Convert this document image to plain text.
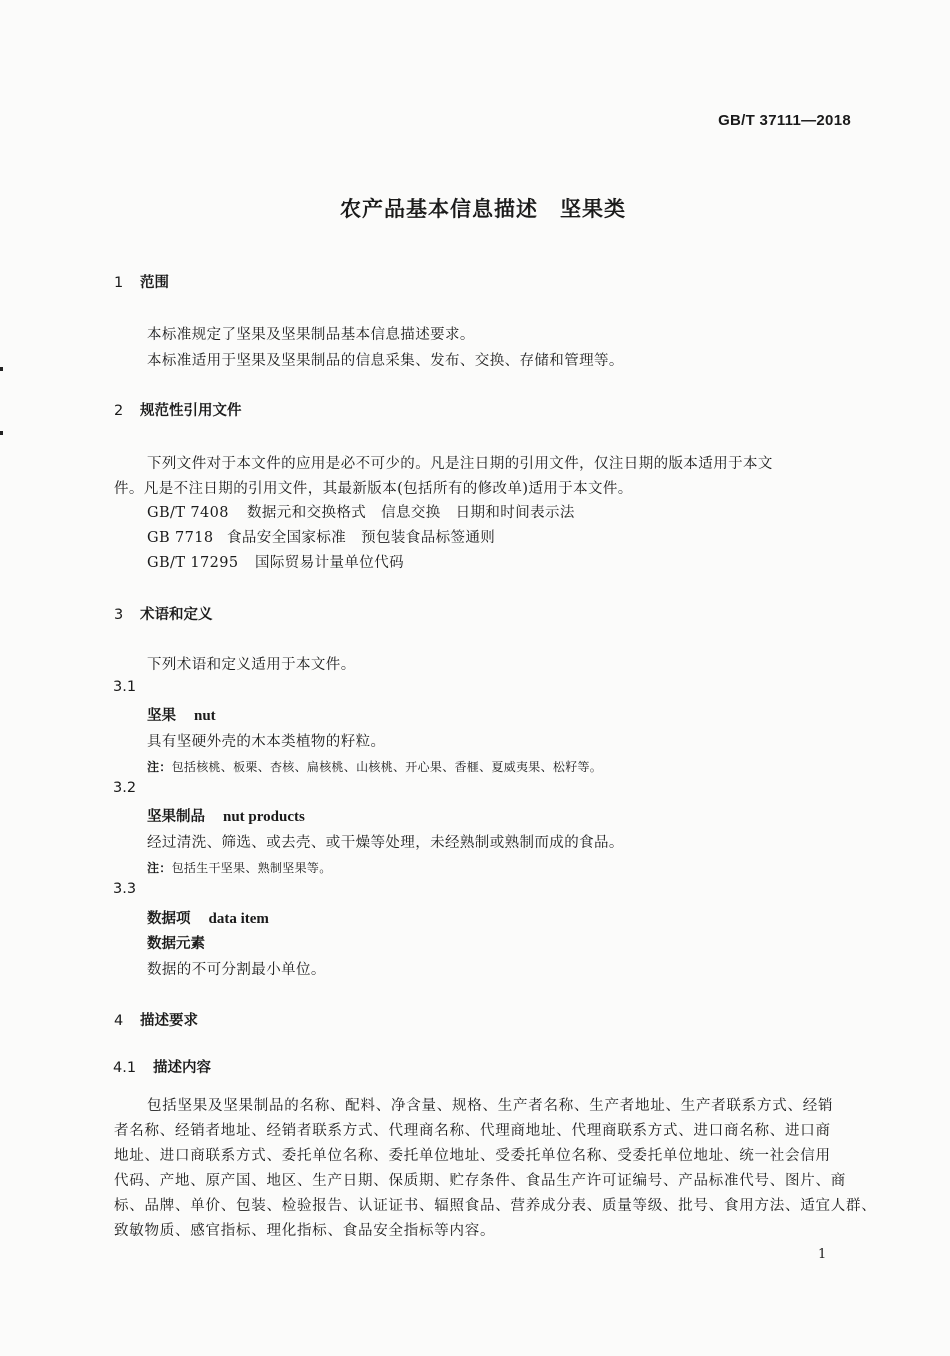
GB/T 37111—2018
农产品基本信息描述　坚果类
1 范围
本标准规定了坚果及坚果制品基本信息描述要求。
本标准适用于坚果及坚果制品的信息采集、发布、交换、存储和管理等。
2 规范性引用文件
下列文件对于本文件的应用是必不可少的。凡是注日期的引用文件，仅注日期的版本适用于本文
件。凡是不注日期的引用文件，其最新版本(包括所有的修改单)适用于本文件。
GB/T 7408 数据元和交换格式　信息交换　日期和时间表示法
GB 7718 食品安全国家标准　预包装食品标签通则
GB/T 17295 国际贸易计量单位代码
3 术语和定义
下列术语和定义适用于本文件。
3.1
坚果 nut
具有坚硬外壳的木本类植物的籽粒。
注：包括核桃、板栗、杏核、扁核桃、山核桃、开心果、香榧、夏威夷果、松籽等。
3.2
坚果制品 nut products
经过清洗、筛选、或去壳、或干燥等处理，未经熟制或熟制而成的食品。
注：包括生干坚果、熟制坚果等。
3.3
数据项 data item
数据元素
数据的不可分割最小单位。
4 描述要求
4.1 描述内容
包括坚果及坚果制品的名称、配料、净含量、规格、生产者名称、生产者地址、生产者联系方式、经销
者名称、经销者地址、经销者联系方式、代理商名称、代理商地址、代理商联系方式、进口商名称、进口商
地址、进口商联系方式、委托单位名称、委托单位地址、受委托单位名称、受委托单位地址、统一社会信用
代码、产地、原产国、地区、生产日期、保质期、贮存条件、食品生产许可证编号、产品标准代号、图片、商
标、品牌、单价、包装、检验报告、认证证书、辐照食品、营养成分表、质量等级、批号、食用方法、适宜人群、
致敏物质、感官指标、理化指标、食品安全指标等内容。
1
